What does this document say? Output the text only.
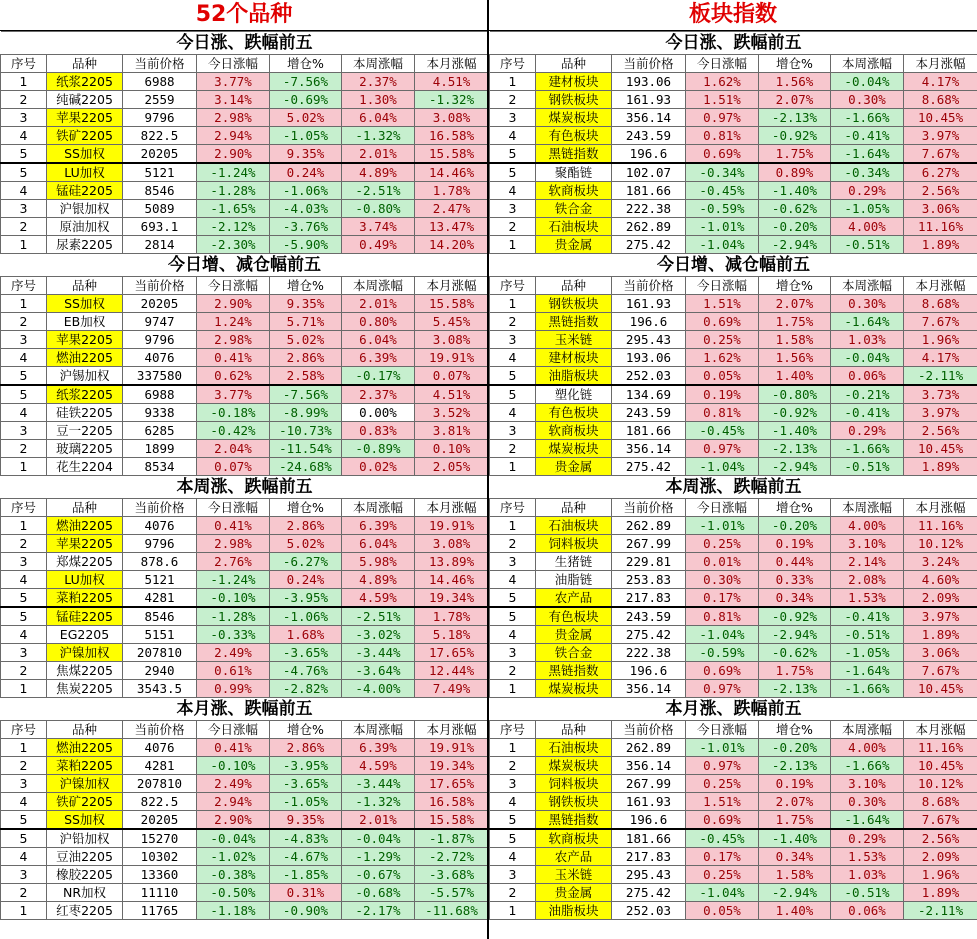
52个品种
今日涨、跌幅前五						
序号	品种	当前价格	今日涨幅	增仓%	本周涨幅	本月涨幅
1	纸浆2205	6988	3.77%	-7.56%	2.37%	4.51%
2	纯碱2205	2559	3.14%	-0.69%	1.30%	-1.32%
3	苹果2205	9796	2.98%	5.02%	6.04%	3.08%
4	铁矿2205	822.5	2.94%	-1.05%	-1.32%	16.58%
5	SS加权	20205	2.90%	9.35%	2.01%	15.58%
5	LU加权	5121	-1.24%	0.24%	4.89%	14.46%
4	锰硅2205	8546	-1.28%	-1.06%	-2.51%	1.78%
3	沪银加权	5089	-1.65%	-4.03%	-0.80%	2.47%
2	原油加权	693.1	-2.12%	-3.76%	3.74%	13.47%
1	尿素2205	2814	-2.30%	-5.90%	0.49%	14.20%
今日增、减仓幅前五						
序号	品种	当前价格	今日涨幅	增仓%	本周涨幅	本月涨幅
1	SS加权	20205	2.90%	9.35%	2.01%	15.58%
2	EB加权	9747	1.24%	5.71%	0.80%	5.45%
3	苹果2205	9796	2.98%	5.02%	6.04%	3.08%
4	燃油2205	4076	0.41%	2.86%	6.39%	19.91%
5	沪锡加权	337580	0.62%	2.58%	-0.17%	0.07%
5	纸浆2205	6988	3.77%	-7.56%	2.37%	4.51%
4	硅铁2205	9338	-0.18%	-8.99%	0.00%	3.52%
3	豆一2205	6285	-0.42%	-10.73%	0.83%	3.81%
2	玻璃2205	1899	2.04%	-11.54%	-0.89%	0.10%
1	花生2204	8534	0.07%	-24.68%	0.02%	2.05%
本周涨、跌幅前五						
序号	品种	当前价格	今日涨幅	增仓%	本周涨幅	本月涨幅
1	燃油2205	4076	0.41%	2.86%	6.39%	19.91%
2	苹果2205	9796	2.98%	5.02%	6.04%	3.08%
3	郑煤2205	878.6	2.76%	-6.27%	5.98%	13.89%
4	LU加权	5121	-1.24%	0.24%	4.89%	14.46%
5	菜粕2205	4281	-0.10%	-3.95%	4.59%	19.34%
5	锰硅2205	8546	-1.28%	-1.06%	-2.51%	1.78%
4	EG2205	5151	-0.33%	1.68%	-3.02%	5.18%
3	沪镍加权	207810	2.49%	-3.65%	-3.44%	17.65%
2	焦煤2205	2940	0.61%	-4.76%	-3.64%	12.44%
1	焦炭2205	3543.5	0.99%	-2.82%	-4.00%	7.49%
本月涨、跌幅前五						
序号	品种	当前价格	今日涨幅	增仓%	本周涨幅	本月涨幅
1	燃油2205	4076	0.41%	2.86%	6.39%	19.91%
2	菜粕2205	4281	-0.10%	-3.95%	4.59%	19.34%
3	沪镍加权	207810	2.49%	-3.65%	-3.44%	17.65%
4	铁矿2205	822.5	2.94%	-1.05%	-1.32%	16.58%
5	SS加权	20205	2.90%	9.35%	2.01%	15.58%
5	沪铅加权	15270	-0.04%	-4.83%	-0.04%	-1.87%
4	豆油2205	10302	-1.02%	-4.67%	-1.29%	-2.72%
3	橡胶2205	13360	-0.38%	-1.85%	-0.67%	-3.68%
2	NR加权	11110	-0.50%	0.31%	-0.68%	-5.57%
1	红枣2205	11765	-1.18%	-0.90%	-2.17%	-11.68%
板块指数
今日涨、跌幅前五						
序号	品种	当前价格	今日涨幅	增仓%	本周涨幅	本月涨幅
1	建材板块	193.06	1.62%	1.56%	-0.04%	4.17%
2	钢铁板块	161.93	1.51%	2.07%	0.30%	8.68%
3	煤炭板块	356.14	0.97%	-2.13%	-1.66%	10.45%
4	有色板块	243.59	0.81%	-0.92%	-0.41%	3.97%
5	黑链指数	196.6	0.69%	1.75%	-1.64%	7.67%
5	聚酯链	102.07	-0.34%	0.89%	-0.34%	6.27%
4	软商板块	181.66	-0.45%	-1.40%	0.29%	2.56%
3	铁合金	222.38	-0.59%	-0.62%	-1.05%	3.06%
2	石油板块	262.89	-1.01%	-0.20%	4.00%	11.16%
1	贵金属	275.42	-1.04%	-2.94%	-0.51%	1.89%
今日增、减仓幅前五						
序号	品种	当前价格	今日涨幅	增仓%	本周涨幅	本月涨幅
1	钢铁板块	161.93	1.51%	2.07%	0.30%	8.68%
2	黑链指数	196.6	0.69%	1.75%	-1.64%	7.67%
3	玉米链	295.43	0.25%	1.58%	1.03%	1.96%
4	建材板块	193.06	1.62%	1.56%	-0.04%	4.17%
5	油脂板块	252.03	0.05%	1.40%	0.06%	-2.11%
5	塑化链	134.69	0.19%	-0.80%	-0.21%	3.73%
4	有色板块	243.59	0.81%	-0.92%	-0.41%	3.97%
3	软商板块	181.66	-0.45%	-1.40%	0.29%	2.56%
2	煤炭板块	356.14	0.97%	-2.13%	-1.66%	10.45%
1	贵金属	275.42	-1.04%	-2.94%	-0.51%	1.89%
本周涨、跌幅前五						
序号	品种	当前价格	今日涨幅	增仓%	本周涨幅	本月涨幅
1	石油板块	262.89	-1.01%	-0.20%	4.00%	11.16%
2	饲料板块	267.99	0.25%	0.19%	3.10%	10.12%
3	生猪链	229.81	0.01%	0.44%	2.14%	3.24%
4	油脂链	253.83	0.30%	0.33%	2.08%	4.60%
5	农产品	217.83	0.17%	0.34%	1.53%	2.09%
5	有色板块	243.59	0.81%	-0.92%	-0.41%	3.97%
4	贵金属	275.42	-1.04%	-2.94%	-0.51%	1.89%
3	铁合金	222.38	-0.59%	-0.62%	-1.05%	3.06%
2	黑链指数	196.6	0.69%	1.75%	-1.64%	7.67%
1	煤炭板块	356.14	0.97%	-2.13%	-1.66%	10.45%
本月涨、跌幅前五						
序号	品种	当前价格	今日涨幅	增仓%	本周涨幅	本月涨幅
1	石油板块	262.89	-1.01%	-0.20%	4.00%	11.16%
2	煤炭板块	356.14	0.97%	-2.13%	-1.66%	10.45%
3	饲料板块	267.99	0.25%	0.19%	3.10%	10.12%
4	钢铁板块	161.93	1.51%	2.07%	0.30%	8.68%
5	黑链指数	196.6	0.69%	1.75%	-1.64%	7.67%
5	软商板块	181.66	-0.45%	-1.40%	0.29%	2.56%
4	农产品	217.83	0.17%	0.34%	1.53%	2.09%
3	玉米链	295.43	0.25%	1.58%	1.03%	1.96%
2	贵金属	275.42	-1.04%	-2.94%	-0.51%	1.89%
1	油脂板块	252.03	0.05%	1.40%	0.06%	-2.11%
